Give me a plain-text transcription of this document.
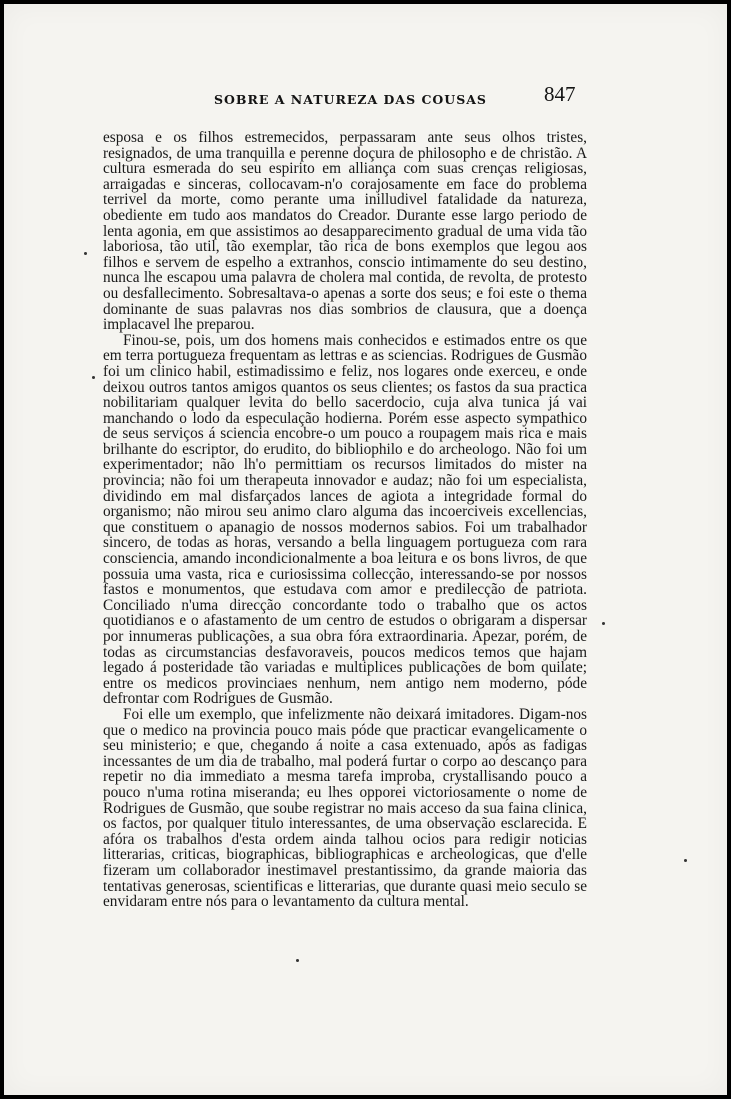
SOBRE A NATUREZA DAS COUSAS	847

esposa e os filhos estremecidos, perpassaram ante seus olhos tristes, resignados, de uma tranquilla e perenne doçura de philosopho e de christão. A cultura esmerada do seu espirito em alliança com suas crenças religiosas, arraigadas e sinceras, collocavam-n'o corajosamente em face do problema terrivel da morte, como perante uma inilludivel fatalidade da natureza, obediente em tudo aos mandatos do Creador. Durante esse largo periodo de lenta agonia, em que assistimos ao desapparecimento gradual de uma vida tão laboriosa, tão util, tão exemplar, tão rica de bons exemplos que legou aos filhos e servem de espelho a extranhos, conscio intimamente do seu destino, nunca lhe escapou uma palavra de cholera mal contida, de revolta, de protesto ou desfallecimento. Sobresaltava-o apenas a sorte dos seus; e foi este o thema dominante de suas palavras nos dias sombrios de clausura, que a doença implacavel lhe preparou.

Finou-se, pois, um dos homens mais conhecidos e estimados entre os que em terra portugueza frequentam as lettras e as sciencias. Rodrigues de Gusmão foi um clinico habil, estimadissimo e feliz, nos logares onde exerceu, e onde deixou outros tantos amigos quantos os seus clientes; os fastos da sua practica nobilitariam qualquer levita do bello sacerdocio, cuja alva tunica já vai manchando o lodo da especulação hodierna. Porém esse aspecto sympathico de seus serviços á sciencia encobre-o um pouco a roupagem mais rica e mais brilhante do escriptor, do erudito, do bibliophilo e do archeologo. Não foi um experimentador; não lh'o permittiam os recursos limitados do mister na provincia; não foi um therapeuta innovador e audaz; não foi um especialista, dividindo em mal disfarçados lances de agiota a integridade formal do organismo; não mirou seu animo claro alguma das incoerciveis excellencias, que constituem o apanagio de nossos modernos sabios. Foi um trabalhador sincero, de todas as horas, versando a bella linguagem portugueza com rara consciencia, amando incondicionalmente a boa leitura e os bons livros, de que possuia uma vasta, rica e curiosissima collecção, interessando-se por nossos fastos e monumentos, que estudava com amor e predilecção de patriota. Conciliado n'uma direcção concordante todo o trabalho que os actos quotidianos e o afastamento de um centro de estudos o obrigaram a dispersar por innumeras publicações, a sua obra fóra extraordinaria. Apezar, porém, de todas as circumstancias desfavoraveis, poucos medicos temos que hajam legado á posteridade tão variadas e multiplices publicações de bom quilate; entre os medicos provinciaes nenhum, nem antigo nem moderno, póde defrontar com Rodrigues de Gusmão.

Foi elle um exemplo, que infelizmente não deixará imitadores. Digam-nos que o medico na provincia pouco mais póde que practicar evangelicamente o seu ministerio; e que, chegando á noite a casa extenuado, após as fadigas incessantes de um dia de trabalho, mal poderá furtar o corpo ao descanço para repetir no dia immediato a mesma tarefa improba, crystallisando pouco a pouco n'uma rotina miseranda; eu lhes opporei victoriosamente o nome de Rodrigues de Gusmão, que soube registrar no mais acceso da sua faina clinica, os factos, por qualquer titulo interessantes, de uma observação esclarecida. E afóra os trabalhos d'esta ordem ainda talhou ocios para redigir noticias litterarias, criticas, biographicas, bibliographicas e archeologicas, que d'elle fizeram um collaborador inestimavel prestantissimo, da grande maioria das tentativas generosas, scientificas e litterarias, que durante quasi meio seculo se envidaram entre nós para o levantamento da cultura mental.
